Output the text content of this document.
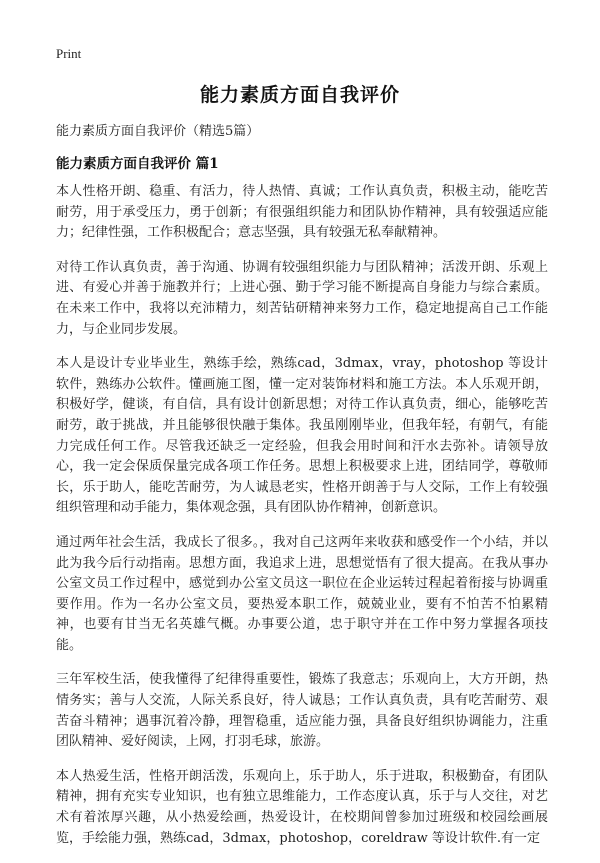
Print
能力素质方面自我评价
能力素质方面自我评价（精选5篇）
能力素质方面自我评价 篇1

本人性格开朗、稳重、有活力，待人热情、真诚；工作认真负责，积极主动，能吃苦耐劳，用于承受压力，勇于创新；有很强组织能力和团队协作精神，具有较强适应能力；纪律性强，工作积极配合；意志坚强，具有较强无私奉献精神。

对待工作认真负责，善于沟通、协调有较强组织能力与团队精神；活泼开朗、乐观上进、有爱心并善于施教并行；上进心强、勤于学习能不断提高自身能力与综合素质。在未来工作中，我将以充沛精力，刻苦钻研精神来努力工作，稳定地提高自己工作能力，与企业同步发展。

本人是设计专业毕业生，熟练手绘，熟练cad，3dmax，vray，photoshop 等设计软件，熟练办公软件。懂画施工图，懂一定对装饰材料和施工方法。本人乐观开朗，积极好学，健谈，有自信，具有设计创新思想；对待工作认真负责，细心，能够吃苦耐劳，敢于挑战，并且能够很快融于集体。我虽刚刚毕业，但我年轻，有朝气，有能力完成任何工作。尽管我还缺乏一定经验，但我会用时间和汗水去弥补。请领导放心，我一定会保质保量完成各项工作任务。思想上积极要求上进，团结同学，尊敬师长，乐于助人，能吃苦耐劳，为人诚恳老实，性格开朗善于与人交际，工作上有较强组织管理和动手能力，集体观念强，具有团队协作精神，创新意识。

通过两年社会生活，我成长了很多。，我对自己这两年来收获和感受作一个小结，并以此为我今后行动指南。思想方面，我追求上进，思想觉悟有了很大提高。在我从事办公室文员工作过程中，感觉到办公室文员这一职位在企业运转过程起着衔接与协调重要作用。作为一名办公室文员，要热爱本职工作，兢兢业业，要有不怕苦不怕累精神，也要有甘当无名英雄气概。办事要公道，忠于职守并在工作中努力掌握各项技能。

三年军校生活，使我懂得了纪律得重要性，锻炼了我意志；乐观向上，大方开朗，热情务实；善与人交流，人际关系良好，待人诚恳；工作认真负责，具有吃苦耐劳、艰苦奋斗精神；遇事沉着冷静，理智稳重，适应能力强，具备良好组织协调能力，注重团队精神、爱好阅读，上网，打羽毛球，旅游。

本人热爱生活，性格开朗活泼，乐观向上，乐于助人，乐于进取，积极勤奋，有团队精神，拥有充实专业知识，也有独立思维能力，工作态度认真，乐于与人交往，对艺术有着浓厚兴趣，从小热爱绘画，热爱设计，在校期间曾参加过班级和校园绘画展览，手绘能力强，熟练cad，3dmax，photoshop，coreldraw 等设计软件.有一定
